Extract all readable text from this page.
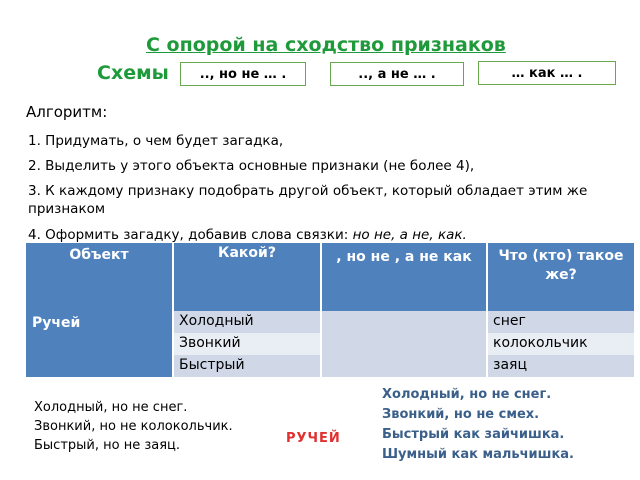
С опорой на сходство признаков
Схемы	.., но не … .	.., а не … .	… как … .
Алгоритм:
1. Придумать, о чем будет загадка,
2. Выделить у этого объекта основные признаки (не более 4),
3. К каждому признаку подобрать другой объект, который обладает этим же признаком
4. Оформить загадку, добавив слова связки: но не, а не, как.
Объект	Какой?	, но не , а не как	Что (кто) такое же?
Ручей	Холодный		снег
	Звонкий		колокольчик
	Быстрый		заяц
Холодный, но не снег.
Звонкий, но не колокольчик.
Быстрый, но не заяц.	РУЧЕЙ
Холодный, но не снег.
Звонкий, но не смех.
Быстрый как зайчишка.
Шумный как мальчишка.
